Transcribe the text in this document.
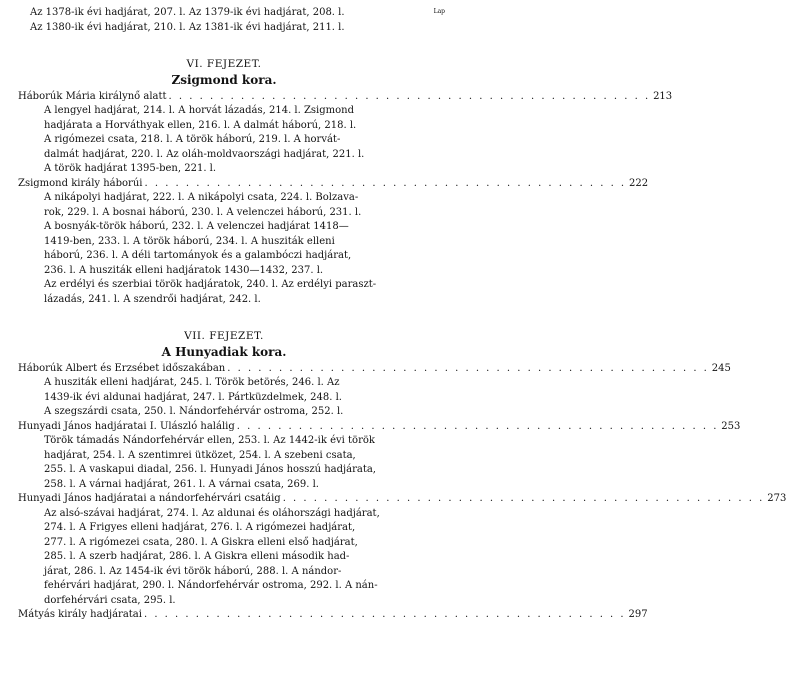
Lap
Az 1378-ik évi hadjárat, 207. l. Az 1379-ik évi hadjárat, 208. l.
Az 1380-ik évi hadjárat, 210. l. Az 1381-ik évi hadjárat, 211. l.
VI. FEJEZET.
Zsigmond kora.
Háborúk Mária királynő alatt . . . . . . . . . . . . . . . . . . . . . . . . . . . . . . . . . . . . . . . . . . . . . . . 213
A lengyel hadjárat, 214. l. A horvát lázadás, 214. l. Zsigmond
hadjárata a Horváthyak ellen, 216. l. A dalmát háború, 218. l.
A rigómezei csata, 218. l. A török háború, 219. l. A horvát-
dalmát hadjárat, 220. l. Az oláh-moldvaországi hadjárat, 221. l.
A török hadjárat 1395-ben, 221. l.
Zsigmond király háborúi . . . . . . . . . . . . . . . . . . . . . . . . . . . . . . . . . . . . . . . . . . . . . . . 222
A nikápolyi hadjárat, 222. l. A nikápolyi csata, 224. l. Bolzava-
rok, 229. l. A bosnai háború, 230. l. A velenczei háború, 231. l.
A bosnyák-török háború, 232. l. A velenczei hadjárat 1418—
1419-ben, 233. l. A török háború, 234. l. A husziták elleni
háború, 236. l. A déli tartományok és a galambóczi hadjárat,
236. l. A husziták elleni hadjáratok 1430—1432, 237. l.
Az erdélyi és szerbiai török hadjáratok, 240. l. Az erdélyi paraszt-
lázadás, 241. l. A szendrői hadjárat, 242. l.
VII. FEJEZET.
A Hunyadiak kora.
Háborúk Albert és Erzsébet időszakában . . . . . . . . . . . . . . . . . . . . . . . . . . . . . . . . . . . . . . . . . . . . . . . 245
A husziták elleni hadjárat, 245. l. Török betörés, 246. l. Az
1439-ik évi aldunai hadjárat, 247. l. Pártküzdelmek, 248. l.
A szegszárdi csata, 250. l. Nándorfehérvár ostroma, 252. l.
Hunyadi János hadjáratai I. Ulászló halálig . . . . . . . . . . . . . . . . . . . . . . . . . . . . . . . . . . . . . . . . . . . . . . . 253
Török támadás Nándorfehérvár ellen, 253. l. Az 1442-ik évi török
hadjárat, 254. l. A szentimrei ütközet, 254. l. A szebeni csata,
255. l. A vaskapui diadal, 256. l. Hunyadi János hosszú hadjárata,
258. l. A várnai hadjárat, 261. l. A várnai csata, 269. l.
Hunyadi János hadjáratai a nándorfehérvári csatáig . . . . . . . . . . . . . . . . . . . . . . . . . . . . . . . . . . . . . . . . . . . . . . . 273
Az alsó-szávai hadjárat, 274. l. Az aldunai és oláhországi hadjárat,
274. l. A Frigyes elleni hadjárat, 276. l. A rigómezei hadjárat,
277. l. A rigómezei csata, 280. l. A Giskra elleni első hadjárat,
285. l. A szerb hadjárat, 286. l. A Giskra elleni második had-
járat, 286. l. Az 1454-ik évi török háború, 288. l. A nándor-
fehérvári hadjárat, 290. l. Nándorfehérvár ostroma, 292. l. A nán-
dorfehérvári csata, 295. l.
Mátyás király hadjáratai . . . . . . . . . . . . . . . . . . . . . . . . . . . . . . . . . . . . . . . . . . . . . . . 297
